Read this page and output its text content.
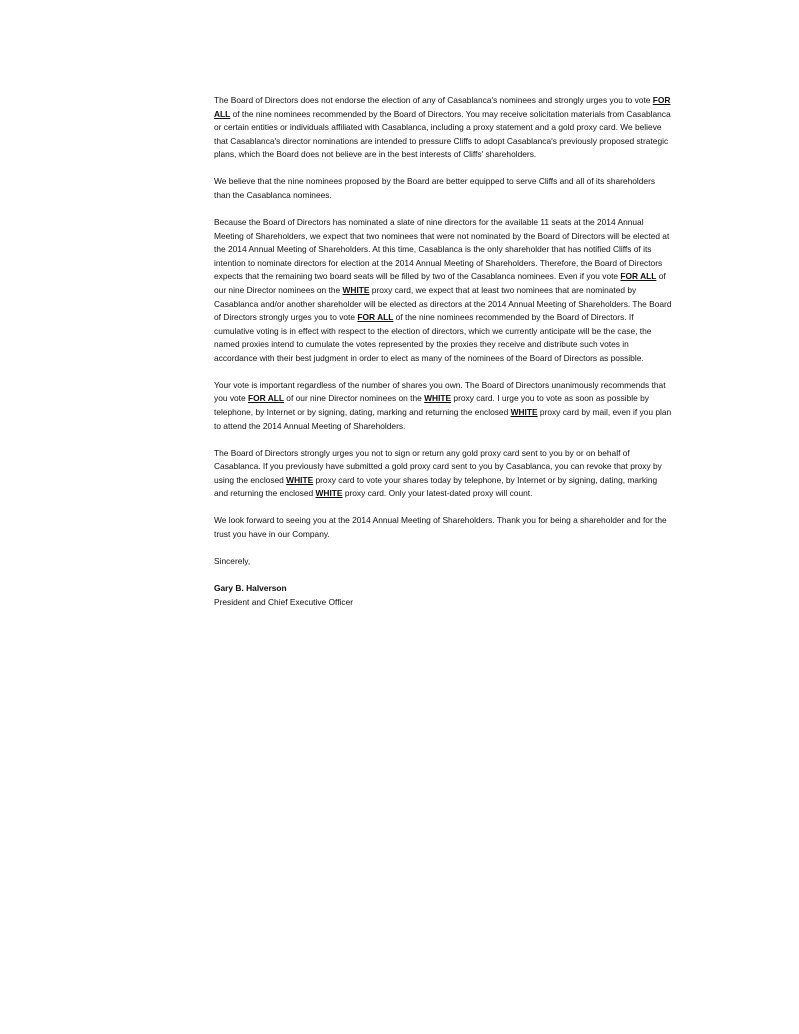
The Board of Directors does not endorse the election of any of Casablanca's nominees and strongly urges you to vote FOR ALL of the nine nominees recommended by the Board of Directors. You may receive solicitation materials from Casablanca or certain entities or individuals affiliated with Casablanca, including a proxy statement and a gold proxy card. We believe that Casablanca's director nominations are intended to pressure Cliffs to adopt Casablanca's previously proposed strategic plans, which the Board does not believe are in the best interests of Cliffs' shareholders.

We believe that the nine nominees proposed by the Board are better equipped to serve Cliffs and all of its shareholders than the Casablanca nominees.

Because the Board of Directors has nominated a slate of nine directors for the available 11 seats at the 2014 Annual Meeting of Shareholders, we expect that two nominees that were not nominated by the Board of Directors will be elected at the 2014 Annual Meeting of Shareholders. At this time, Casablanca is the only shareholder that has notified Cliffs of its intention to nominate directors for election at the 2014 Annual Meeting of Shareholders. Therefore, the Board of Directors expects that the remaining two board seats will be filled by two of the Casablanca nominees. Even if you vote FOR ALL of our nine Director nominees on the WHITE proxy card, we expect that at least two nominees that are nominated by Casablanca and/or another shareholder will be elected as directors at the 2014 Annual Meeting of Shareholders. The Board of Directors strongly urges you to vote FOR ALL of the nine nominees recommended by the Board of Directors. If cumulative voting is in effect with respect to the election of directors, which we currently anticipate will be the case, the named proxies intend to cumulate the votes represented by the proxies they receive and distribute such votes in accordance with their best judgment in order to elect as many of the nominees of the Board of Directors as possible.

Your vote is important regardless of the number of shares you own. The Board of Directors unanimously recommends that you vote FOR ALL of our nine Director nominees on the WHITE proxy card. I urge you to vote as soon as possible by telephone, by Internet or by signing, dating, marking and returning the enclosed WHITE proxy card by mail, even if you plan to attend the 2014 Annual Meeting of Shareholders.

The Board of Directors strongly urges you not to sign or return any gold proxy card sent to you by or on behalf of Casablanca. If you previously have submitted a gold proxy card sent to you by Casablanca, you can revoke that proxy by using the enclosed WHITE proxy card to vote your shares today by telephone, by Internet or by signing, dating, marking and returning the enclosed WHITE proxy card. Only your latest-dated proxy will count.

We look forward to seeing you at the 2014 Annual Meeting of Shareholders. Thank you for being a shareholder and for the trust you have in our Company.

Sincerely,

Gary B. Halverson

President and Chief Executive Officer
